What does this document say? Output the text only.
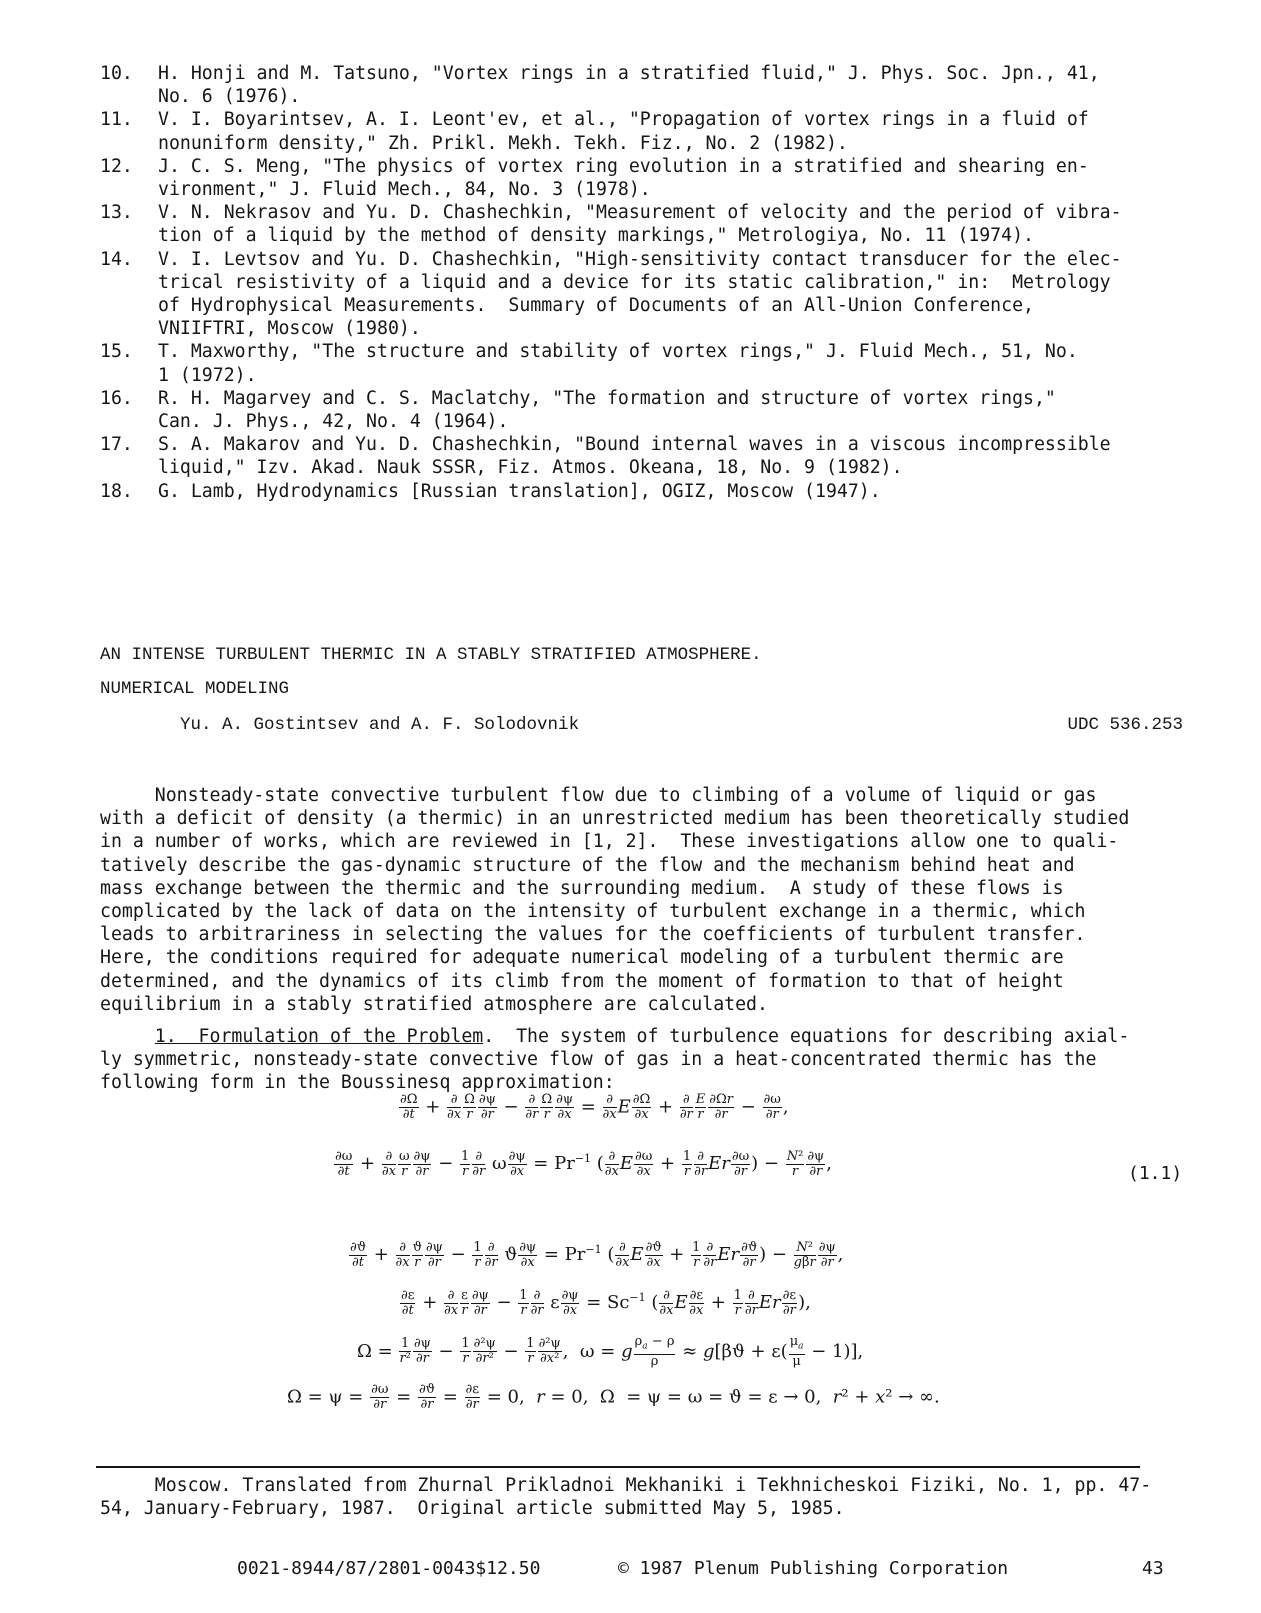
10.	H. Honji and M. Tatsuno, "Vortex rings in a stratified fluid," J. Phys. Soc. Jpn., 41,
No. 6 (1976).
11.	V. I. Boyarintsev, A. I. Leont'ev, et al., "Propagation of vortex rings in a fluid of
nonuniform density," Zh. Prikl. Mekh. Tekh. Fiz., No. 2 (1982).
12.	J. C. S. Meng, "The physics of vortex ring evolution in a stratified and shearing en-
vironment," J. Fluid Mech., 84, No. 3 (1978).
13.	V. N. Nekrasov and Yu. D. Chashechkin, "Measurement of velocity and the period of vibra-
tion of a liquid by the method of density markings," Metrologiya, No. 11 (1974).
14.	V. I. Levtsov and Yu. D. Chashechkin, "High-sensitivity contact transducer for the elec-
trical resistivity of a liquid and a device for its static calibration," in:  Metrology
of Hydrophysical Measurements.  Summary of Documents of an All-Union Conference,
VNIIFTRI, Moscow (1980).
15.	T. Maxworthy, "The structure and stability of vortex rings," J. Fluid Mech., 51, No.
1 (1972).
16.	R. H. Magarvey and C. S. Maclatchy, "The formation and structure of vortex rings,"
Can. J. Phys., 42, No. 4 (1964).
17.	S. A. Makarov and Yu. D. Chashechkin, "Bound internal waves in a viscous incompressible
liquid," Izv. Akad. Nauk SSSR, Fiz. Atmos. Okeana, 18, No. 9 (1982).
18.	G. Lamb, Hydrodynamics [Russian translation], OGIZ, Moscow (1947).
AN INTENSE TURBULENT THERMIC IN A STABLY STRATIFIED ATMOSPHERE.
NUMERICAL MODELING
Yu. A. Gostintsev and A. F. Solodovnik	UDC 536.253
Nonsteady-state convective turbulent flow due to climbing of a volume of liquid or gas
with a deficit of density (a thermic) in an unrestricted medium has been theoretically studied
in a number of works, which are reviewed in [1, 2].  These investigations allow one to quali-
tatively describe the gas-dynamic structure of the flow and the mechanism behind heat and
mass exchange between the thermic and the surrounding medium.  A study of these flows is
complicated by the lack of data on the intensity of turbulent exchange in a thermic, which
leads to arbitrariness in selecting the values for the coefficients of turbulent transfer.
Here, the conditions required for adequate numerical modeling of a turbulent thermic are
determined, and the dynamics of its climb from the moment of formation to that of height
equilibrium in a stably stratified atmosphere are calculated.
1.  Formulation of the Problem.  The system of turbulence equations for describing axial-
ly symmetric, nonsteady-state convective flow of gas in a heat-concentrated thermic has the
following form in the Boussinesq approximation:
$\frac{\partial\Omega}{\partial t} + \frac{\partial}{\partial x} \frac{\Omega}{r} \frac{\partial\psi}{\partial r} - \frac{\partial}{\partial r} \frac{\Omega}{r} \frac{\partial\psi}{\partial x} = \frac{\partial}{\partial x}$ E $\frac{\partial\Omega}{\partial x} + \frac{\partial}{\partial r} \frac{E}{r} \frac{\partial\Omega r}{\partial r} - \frac{\partial\omega}{\partial r}$ ,
$\frac{\partial\omega}{\partial t} + \frac{\partial}{\partial x} \frac{\omega}{r} \frac{\partial\psi}{\partial r} - \frac{1}{r} \frac{\partial}{\partial r}$ ω $\frac{\partial\psi}{\partial x} = Pr^{-1}$ ( $\frac{\partial}{\partial x}$ E $\frac{\partial\omega}{\partial x} + \frac{1}{r} \frac{\partial}{\partial r}$ Er $\frac{\partial\omega}{\partial r}$ ) − $\frac{\text{N²}}{r} \frac{\partial\psi}{\partial r}$ ,	(1.1)
$\frac{\partial ϑ}{\partial t} + \frac{\partial}{\partial x} \frac{ϑ}{r} \frac{\partial\psi}{\partial r} - \frac{1}{r} \frac{\partial}{\partial r}$ ϑ $\frac{\partial\psi}{\partial x} = Pr^{-1}$ ( $\frac{\partial}{\partial x}$ E $\frac{\partial ϑ}{\partial x} + \frac{1}{r} \frac{\partial}{\partial r}$ Er $\frac{\partial ϑ}{\partial r}$ ) − $\frac{\text{N²}}{\text{gβr}} \frac{\partial\psi}{\partial r}$ ,
$\frac{\partial\varepsilon}{\partial t} + \frac{\partial}{\partial x} \frac{\varepsilon}{r} \frac{\partial\psi}{\partial r} - \frac{1}{r} \frac{\partial}{\partial r}$ ε $\frac{\partial\psi}{\partial x} = Sc^{-1}$ ( $\frac{\partial}{\partial x}$ E $\frac{\partial\varepsilon}{\partial x} + \frac{1}{r} \frac{\partial}{\partial r}$ Er $\frac{\partial\varepsilon}{\partial r}$ ),
$\Omega = \frac{1}{\text{r²}} \frac{\partial\psi}{\partial r} - \frac{1}{r} \frac{\text{∂²ψ}}{\text{∂r²}} - \frac{1}{r} \frac{\text{∂²ψ}}{\text{∂x²}}$ ,  ω = g $\frac{\rho_a - \rho}{\rho} \approx g[\beta ϑ + \varepsilon( \frac{\mu_a}{\mu} - 1)]$,
$\Omega = \psi = \frac{\partial\omega}{\partial r} = \frac{\partial ϑ}{\partial r} = \frac{\partial\varepsilon}{\partial r} = 0$,  r = 0,  Ω  = ψ = ω = ϑ = ε → 0,  r² + x² → ∞.
Moscow. Translated from Zhurnal Prikladnoi Mekhaniki i Tekhnicheskoi Fiziki, No. 1, pp. 47-
54, January-February, 1987.  Original article submitted May 5, 1985.
0021-8944/87/2801-0043$12.50	© 1987 Plenum Publishing Corporation	43
